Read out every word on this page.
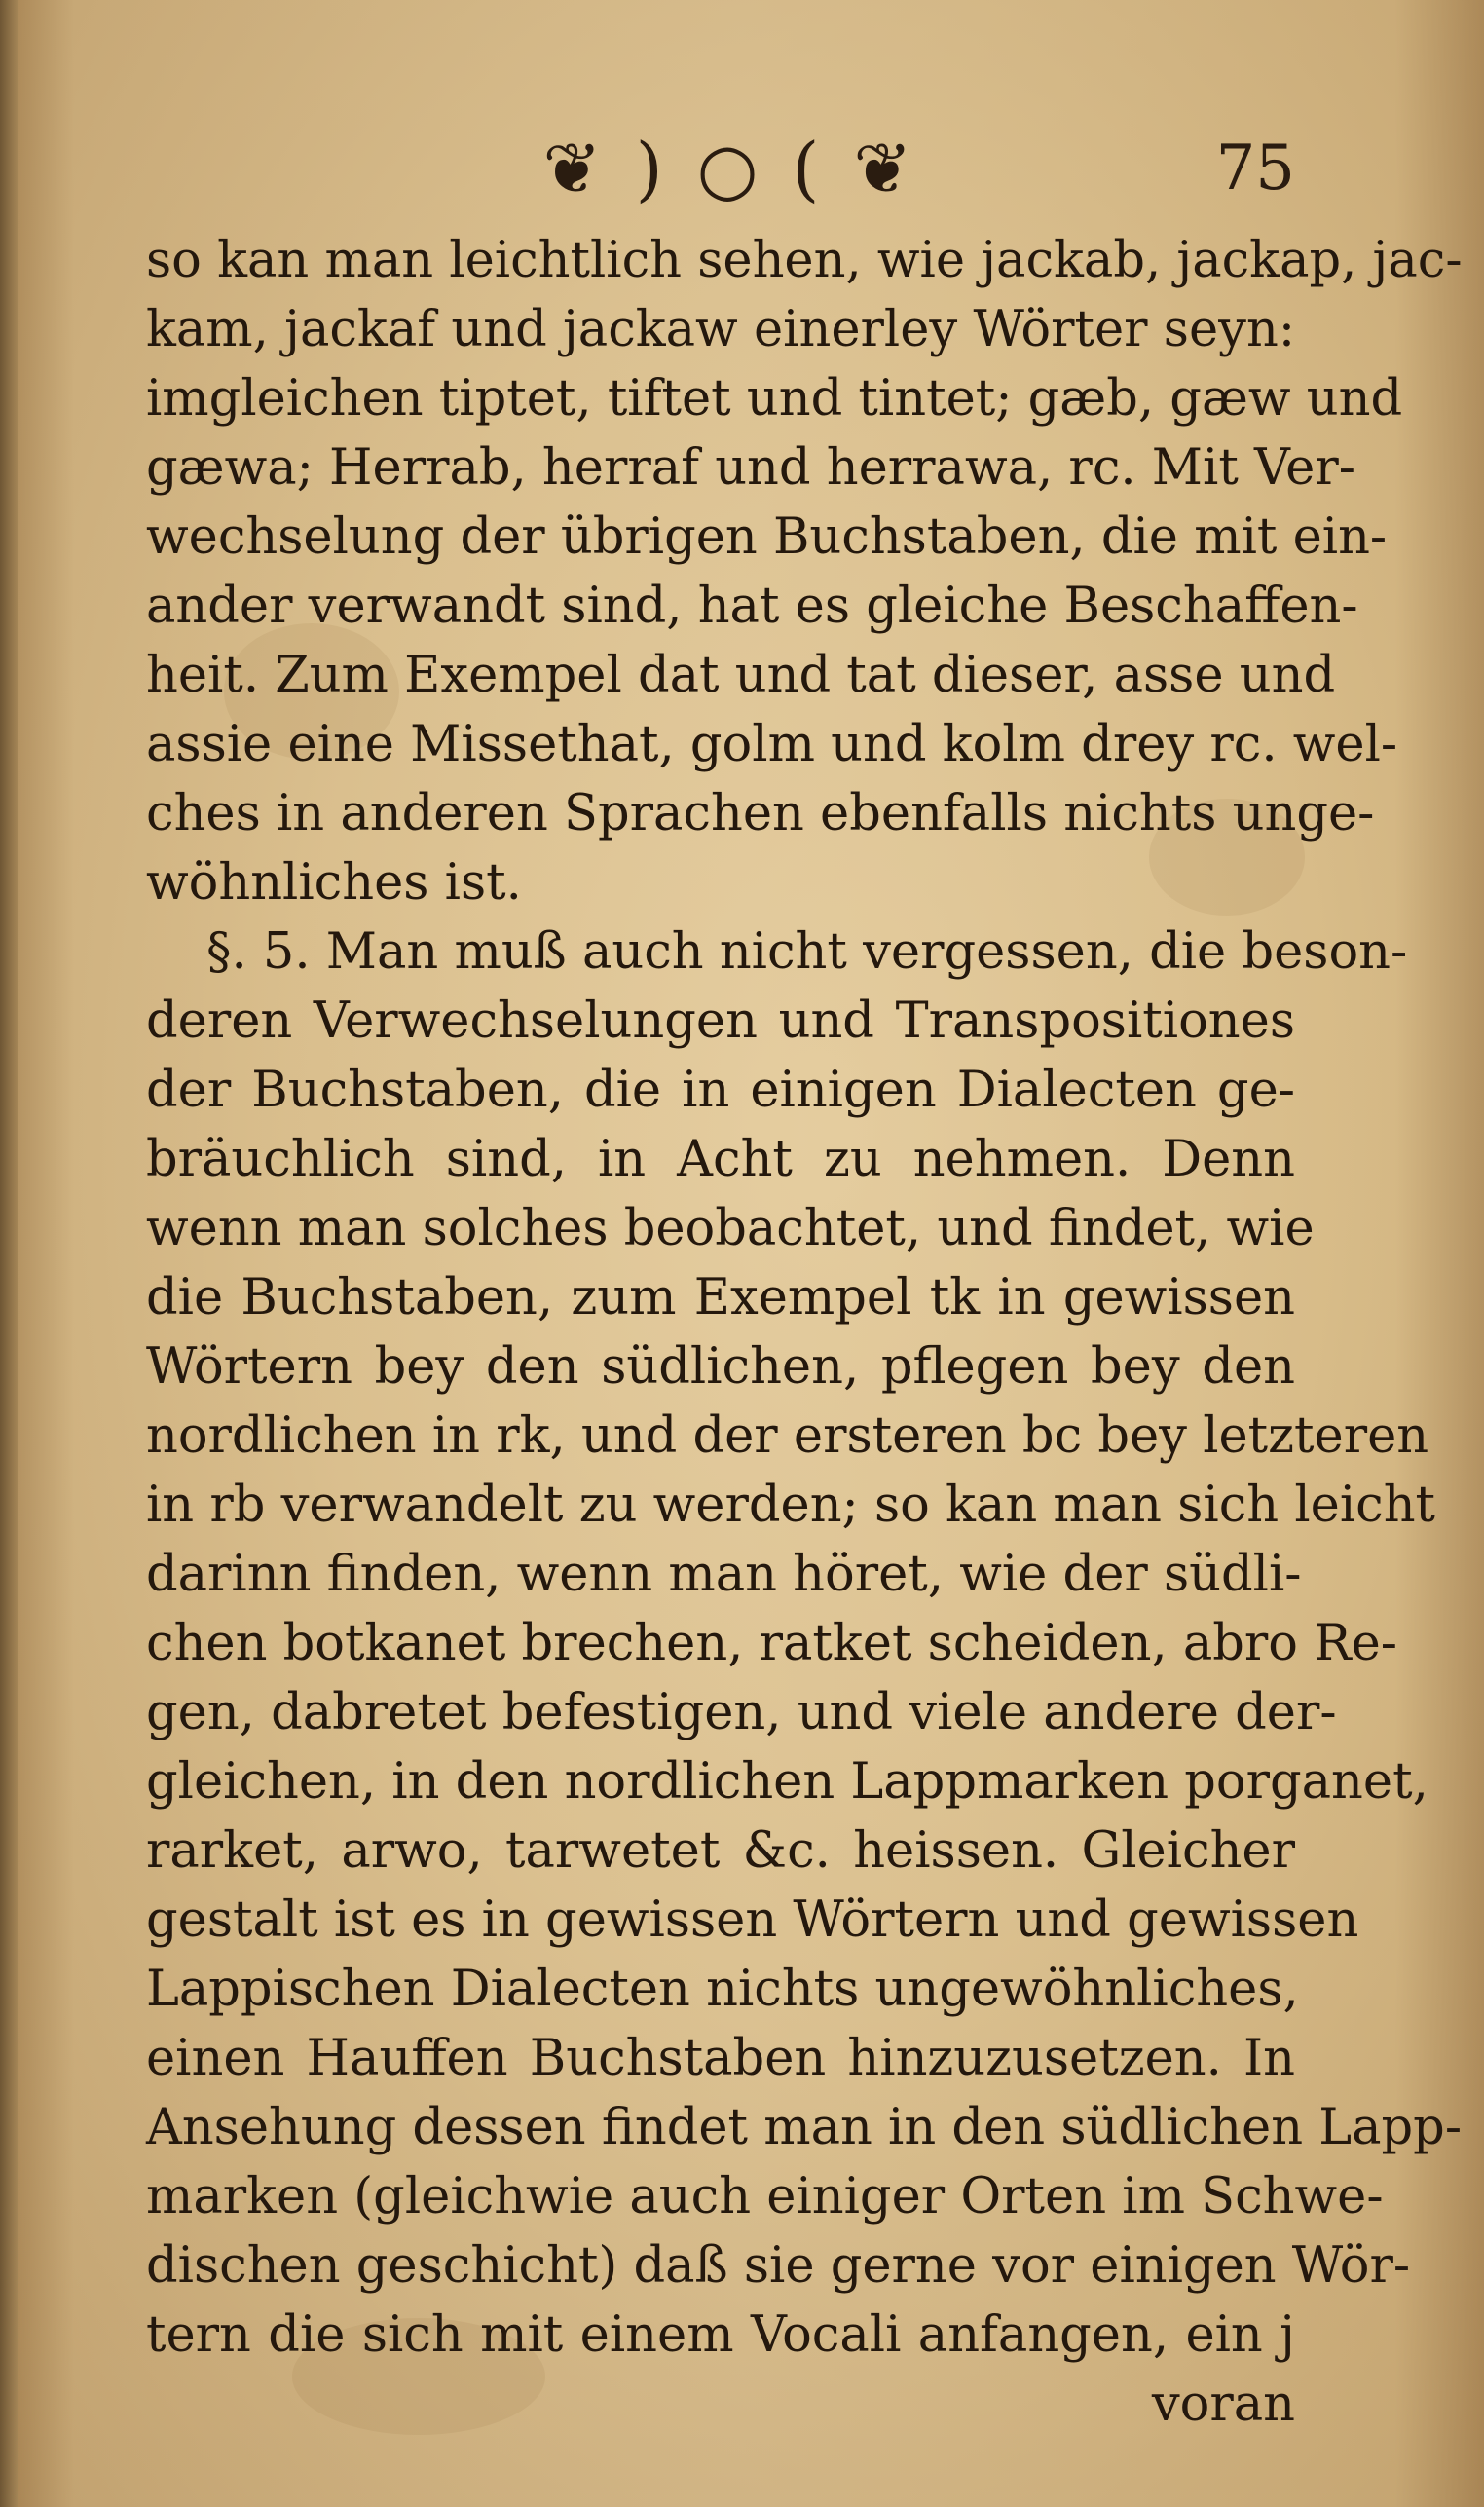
❦ ) ○ ( ❦	75
so kan man leichtlich sehen, wie jackab, jackap, jac-
kam, jackaf und jackaw einerley Wörter seyn:
imgleichen tiptet, tiftet und tintet; gæb, gæw und
gæwa; Herrab, herraf und herrawa, rc. Mit Ver-
wechselung der übrigen Buchstaben, die mit ein-
ander verwandt sind, hat es gleiche Beschaffen-
heit. Zum Exempel dat und tat dieser, asse und
assie eine Missethat, golm und kolm drey rc. wel-
ches in anderen Sprachen ebenfalls nichts unge-
wöhnliches ist.
§. 5. Man muß auch nicht vergessen, die beson-
deren Verwechselungen und Transpositiones
der Buchstaben, die in einigen Dialecten ge-
bräuchlich sind, in Acht zu nehmen. Denn
wenn man solches beobachtet, und findet, wie
die Buchstaben, zum Exempel tk in gewissen
Wörtern bey den südlichen, pflegen bey den
nordlichen in rk, und der ersteren bc bey letzteren
in rb verwandelt zu werden; so kan man sich leicht
darinn finden, wenn man höret, wie der südli-
chen botkanet brechen, ratket scheiden, abro Re-
gen, dabretet befestigen, und viele andere der-
gleichen, in den nordlichen Lappmarken porganet,
rarket, arwo, tarwetet &c. heissen. Gleicher
gestalt ist es in gewissen Wörtern und gewissen
Lappischen Dialecten nichts ungewöhnliches,
einen Hauffen Buchstaben hinzuzusetzen. In
Ansehung dessen findet man in den südlichen Lapp-
marken (gleichwie auch einiger Orten im Schwe-
dischen geschicht) daß sie gerne vor einigen Wör-
tern die sich mit einem Vocali anfangen, ein j
voran
